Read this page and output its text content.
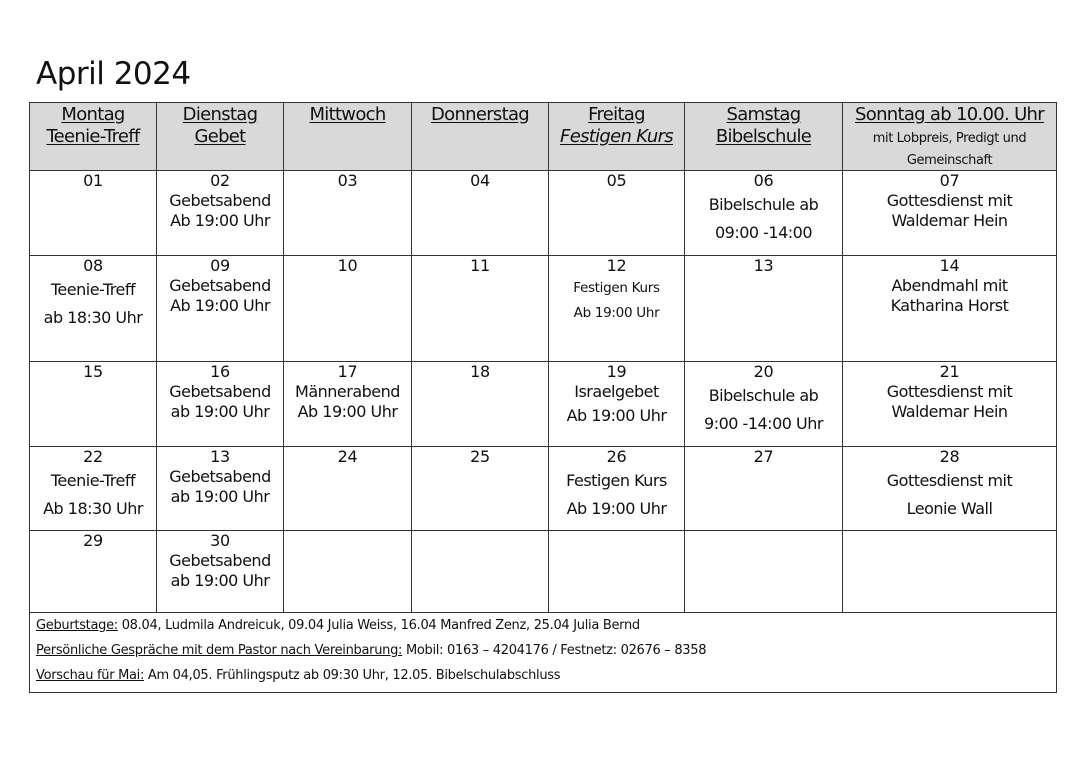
April 2024
Montag
Teenie-Treff	Dienstag
Gebet	Mittwoch	Donnerstag	Freitag
Festigen Kurs	Samstag
Bibelschule	Sonntag ab 10.00. Uhr
mit Lobpreis, Predigt und Gemeinschaft

01	02
Gebetsabend
Ab 19:00 Uhr	03	04	05	06
Bibelschule ab
09:00 -14:00	07
Gottesdienst mit
Waldemar Hein

08
Teenie-Treff
ab 18:30 Uhr	09
Gebetsabend
Ab 19:00 Uhr	10	11	12
Festigen Kurs
Ab 19:00 Uhr	13	14
Abendmahl mit
Katharina Horst

15	16
Gebetsabend
ab 19:00 Uhr	17
Männerabend
Ab 19:00 Uhr	18	19
Israelgebet
Ab 19:00 Uhr	20
Bibelschule ab
9:00 -14:00 Uhr	21
Gottesdienst mit
Waldemar Hein

22
Teenie-Treff
Ab 18:30 Uhr	13
Gebetsabend
ab 19:00 Uhr	24	25	26
Festigen Kurs
Ab 19:00 Uhr	27	28
Gottesdienst mit
Leonie Wall

29	30
Gebetsabend
ab 19:00 Uhr					

Geburtstage: 08.04, Ludmila Andreicuk, 09.04 Julia Weiss, 16.04 Manfred Zenz, 25.04 Julia Bernd
Persönliche Gespräche mit dem Pastor nach Vereinbarung: Mobil: 0163 – 4204176 / Festnetz: 02676 – 8358
Vorschau für Mai: Am 04,05. Frühlingsputz ab 09:30 Uhr, 12.05. Bibelschulabschluss						
